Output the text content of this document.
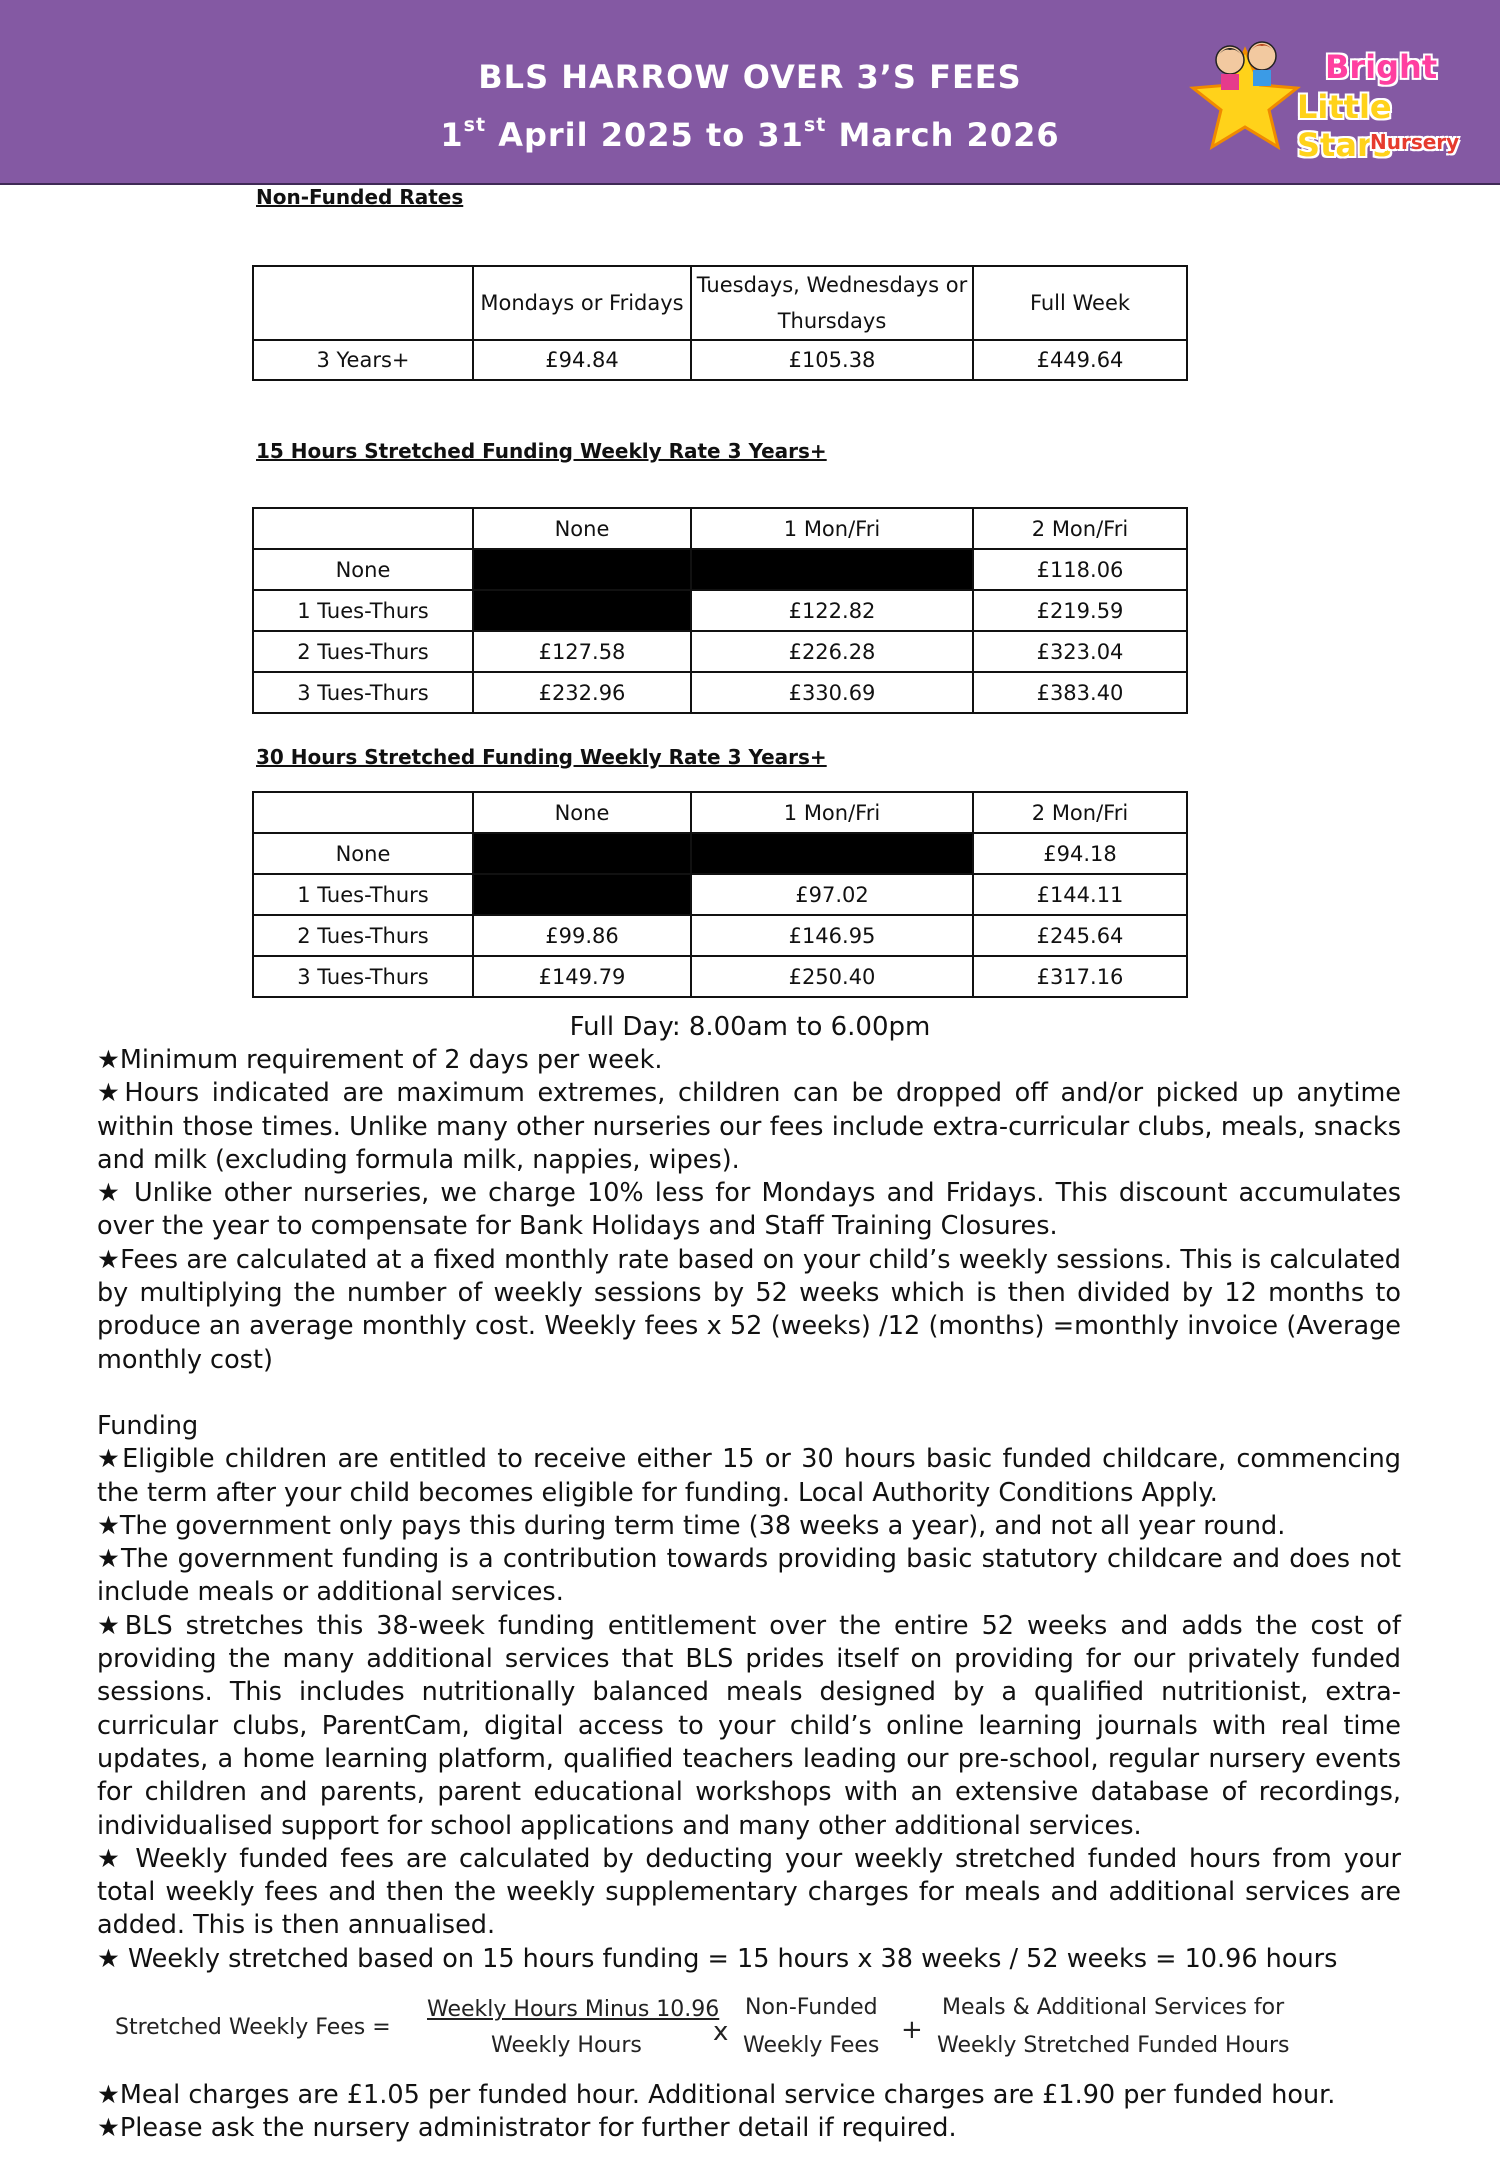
BLS HARROW OVER 3’S FEES
1st April 2025 to 31st March 2026
Bright
Little Stars
Nursery
Non-Funded Rates
	Mondays or Fridays	Tuesdays, Wednesdays or Thursdays	Full Week
3 Years+	£94.84	£105.38	£449.64
15 Hours Stretched Funding Weekly Rate 3 Years+
	None	1 Mon/Fri	2 Mon/Fri
None			£118.06
1 Tues-Thurs		£122.82	£219.59
2 Tues-Thurs	£127.58	£226.28	£323.04
3 Tues-Thurs	£232.96	£330.69	£383.40
30 Hours Stretched Funding Weekly Rate 3 Years+
	None	1 Mon/Fri	2 Mon/Fri
None			£94.18
1 Tues-Thurs		£97.02	£144.11
2 Tues-Thurs	£99.86	£146.95	£245.64
3 Tues-Thurs	£149.79	£250.40	£317.16
Full Day: 8.00am to 6.00pm

★Minimum requirement of 2 days per week.

★Hours indicated are maximum extremes, children can be dropped off and/or picked up anytime within those times. Unlike many other nurseries our fees include extra-curricular clubs, meals, snacks and milk (excluding formula milk, nappies, wipes).

★ Unlike other nurseries, we charge 10% less for Mondays and Fridays. This discount accumulates over the year to compensate for Bank Holidays and Staff Training Closures.

★Fees are calculated at a fixed monthly rate based on your child’s weekly sessions. This is calculated by multiplying the number of weekly sessions by 52 weeks which is then divided by 12 months to produce an average monthly cost. Weekly fees x 52 (weeks) /12 (months) =monthly invoice (Average monthly cost)

Funding

★Eligible children are entitled to receive either 15 or 30 hours basic funded childcare, commencing the term after your child becomes eligible for funding. Local Authority Conditions Apply.

★The government only pays this during term time (38 weeks a year), and not all year round.

★The government funding is a contribution towards providing basic statutory childcare and does not include meals or additional services.

★BLS stretches this 38-week funding entitlement over the entire 52 weeks and adds the cost of providing the many additional services that BLS prides itself on providing for our privately funded sessions. This includes nutritionally balanced meals designed by a qualified nutritionist, extra-curricular clubs, ParentCam, digital access to your child’s online learning journals with real time updates, a home learning platform, qualified teachers leading our pre-school, regular nursery events for children and parents, parent educational workshops with an extensive database of recordings, individualised support for school applications and many other additional services.

★ Weekly funded fees are calculated by deducting your weekly stretched funded hours from your total weekly fees and then the weekly supplementary charges for meals and additional services are added. This is then annualised.

★ Weekly stretched based on 15 hours funding = 15 hours x 38 weeks / 52 weeks = 10.96 hours

Stretched Weekly Fees =
Weekly Hours Minus 10.96
Weekly Hours	x
Non-Funded
Weekly Fees
+
Meals & Additional Services for
Weekly Stretched Funded Hours

★Meal charges are £1.05 per funded hour. Additional service charges are £1.90 per funded hour.

★Please ask the nursery administrator for further detail if required.
